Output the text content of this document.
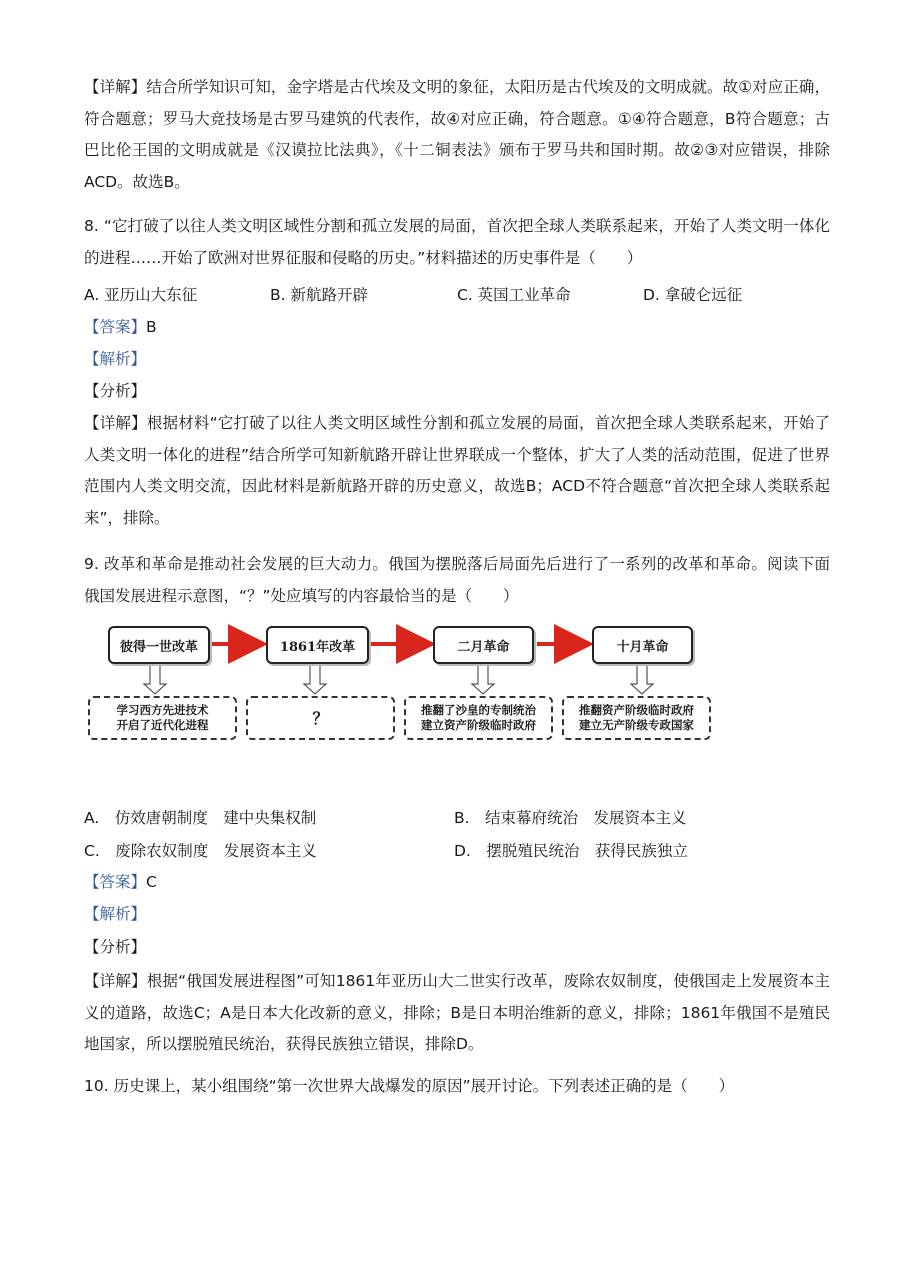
【详解】结合所学知识可知，金字塔是古代埃及文明的象征，太阳历是古代埃及的文明成就。故①对应正确，符合题意；罗马大竞技场是古罗马建筑的代表作，故④对应正确，符合题意。①④符合题意，B符合题意；古巴比伦王国的文明成就是《汉谟拉比法典》，《十二铜表法》颁布于罗马共和国时期。故②③对应错误，排除ACD。故选B。

8. “它打破了以往人类文明区域性分割和孤立发展的局面，首次把全球人类联系起来，开始了人类文明一体化的进程……开始了欧洲对世界征服和侵略的历史。”材料描述的历史事件是（　　）

A. 亚历山大东征	B. 新航路开辟	C. 英国工业革命	D. 拿破仑远征

【答案】B

【解析】

【分析】

【详解】根据材料“它打破了以往人类文明区域性分割和孤立发展的局面，首次把全球人类联系起来，开始了人类文明一体化的进程”结合所学可知新航路开辟让世界联成一个整体，扩大了人类的活动范围，促进了世界范围内人类文明交流，因此材料是新航路开辟的历史意义，故选B；ACD不符合题意“首次把全球人类联系起来”，排除。

9. 改革和革命是推动社会发展的巨大动力。俄国为摆脱落后局面先后进行了一系列的改革和革命。阅读下面俄国发展进程示意图，“？”处应填写的内容最恰当的是（　　）

彼得一世改革	1861年改革	二月革命	十月革命
学习西方先进技术
开启了近代化进程	？	推翻了沙皇的专制统治
建立资产阶级临时政府
推翻资产阶级临时政府
建立无产阶级专政国家
A.　仿效唐朝制度　建中央集权制	B.　结束幕府统治　发展资本主义
C.　废除农奴制度　发展资本主义	D.　摆脱殖民统治　获得民族独立

【答案】C

【解析】

【分析】

【详解】根据“俄国发展进程图”可知1861年亚历山大二世实行改革，废除农奴制度，使俄国走上发展资本主义的道路，故选C；A是日本大化改新的意义，排除；B是日本明治维新的意义，排除；1861年俄国不是殖民地国家，所以摆脱殖民统治，获得民族独立错误，排除D。

10. 历史课上，某小组围绕“第一次世界大战爆发的原因”展开讨论。下列表述正确的是（　　）
